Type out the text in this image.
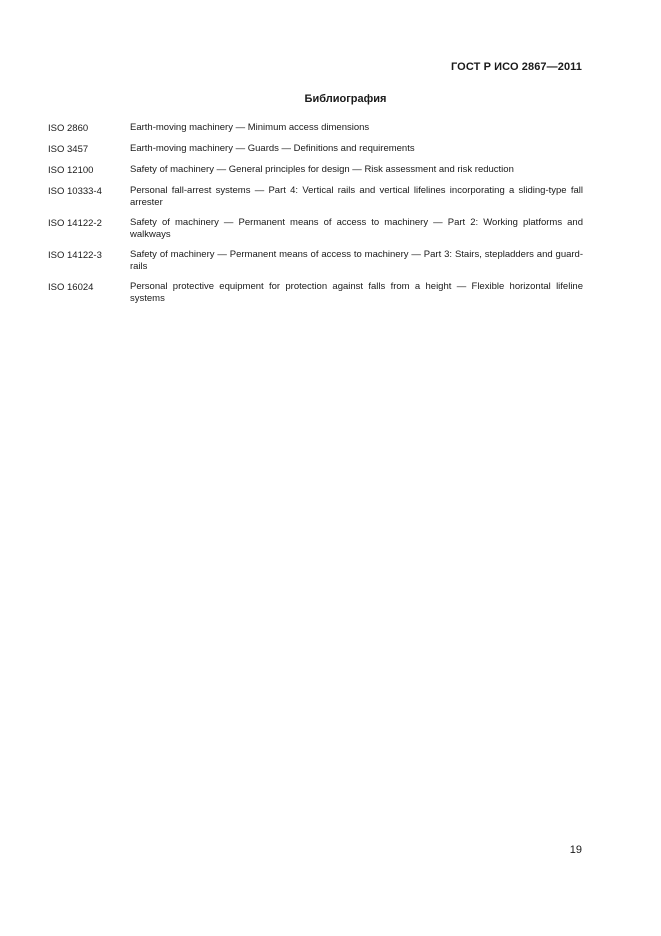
ГОСТ Р ИСО 2867—2011
Библиография
ISO 2860	Earth-moving machinery — Minimum access dimensions
ISO 3457	Earth-moving machinery — Guards — Definitions and requirements
ISO 12100	Safety of machinery — General principles for design — Risk assessment and risk reduction
ISO 10333-4	Personal fall-arrest systems — Part 4: Vertical rails and vertical lifelines incorporating a sliding-type fall arrester
ISO 14122-2	Safety of machinery — Permanent means of access to machinery — Part 2: Working platforms and walkways
ISO 14122-3	Safety of machinery — Permanent means of access to machinery — Part 3: Stairs, stepladders and guard-rails
ISO 16024	Personal protective equipment for protection against falls from a height — Flexible horizontal lifeline systems
19
